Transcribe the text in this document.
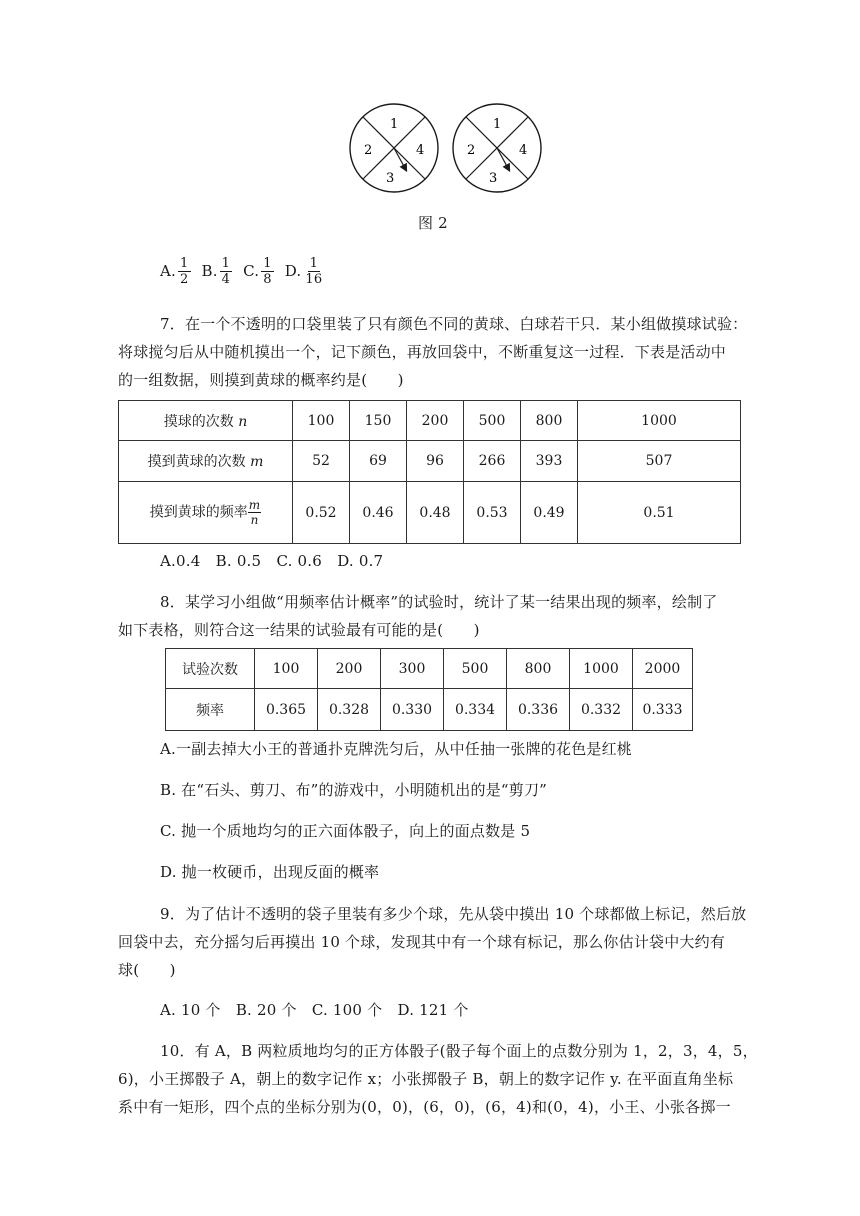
1
2
3
4
1
2
3
4
图 2
A. $\frac{1}{2} B$. $\frac{1}{4} C$. $\frac{1}{8} D$. $\frac{1}{16}$
7．在一个不透明的口袋里装了只有颜色不同的黄球、白球若干只．某小组做摸球试验：
将球搅匀后从中随机摸出一个，记下颜色，再放回袋中，不断重复这一过程．下表是活动中
的一组数据，则摸到黄球的概率约是(　　)
摸球的次数 n	100	150	200	500	800	1000
摸到黄球的次数 m	52	69	96	266	393	507
摸到黄球的频率 $\frac{m}{n}$	0.52	0.46	0.48	0.53	0.49	0.51
A.0.4　B. 0.5　C. 0.6　D. 0.7
8．某学习小组做“用频率估计概率”的试验时，统计了某一结果出现的频率，绘制了
如下表格，则符合这一结果的试验最有可能的是(　　)
试验次数	100	200	300	500	800	1000	2000
频率	0.365	0.328	0.330	0.334	0.336	0.332	0.333
A.一副去掉大小王的普通扑克牌洗匀后，从中任抽一张牌的花色是红桃
B. 在“石头、剪刀、布”的游戏中，小明随机出的是“剪刀”
C. 抛一个质地均匀的正六面体骰子，向上的面点数是 5
D. 抛一枚硬币，出现反面的概率
9．为了估计不透明的袋子里装有多少个球，先从袋中摸出 10 个球都做上标记，然后放
回袋中去，充分摇匀后再摸出 10 个球，发现其中有一个球有标记，那么你估计袋中大约有
球(　　)
A. 10 个　B. 20 个　C. 100 个　D. 121 个
10．有 A，B 两粒质地均匀的正方体骰子(骰子每个面上的点数分别为 1，2，3，4，5，
6)，小王掷骰子 A，朝上的数字记作 x；小张掷骰子 B，朝上的数字记作 y. 在平面直角坐标
系中有一矩形，四个点的坐标分别为(0，0)，(6，0)，(6，4)和(0，4)，小王、小张各掷一
